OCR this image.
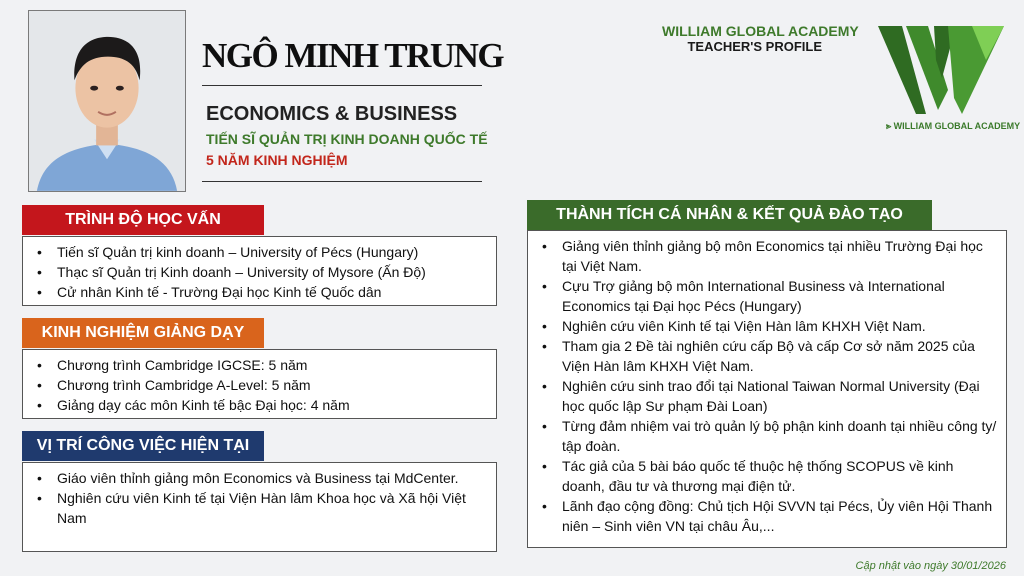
NGÔ MINH TRUNG
ECONOMICS & BUSINESS
TIẾN SĨ QUẢN TRỊ KINH DOANH QUỐC TẾ
5 NĂM KINH NGHIỆM
WILLIAM GLOBAL ACADEMY
TEACHER'S PROFILE
⪢ WILLIAM GLOBAL ACADEMY
TRÌNH ĐỘ HỌC VẤN
• Tiến sĩ Quản trị kinh doanh – University of Pécs (Hungary)
• Thạc sĩ Quản trị Kinh doanh – University of Mysore (Ấn Độ)
• Cử nhân Kinh tế - Trường Đại học Kinh tế Quốc dân
KINH NGHIỆM GIẢNG DẠY
• Chương trình Cambridge IGCSE: 5 năm
• Chương trình Cambridge A-Level: 5 năm
• Giảng dạy các môn Kinh tế bậc Đại học: 4 năm
VỊ TRÍ CÔNG VIỆC HIỆN TẠI
• Giáo viên thỉnh giảng môn Economics và Business tại MdCenter.
• Nghiên cứu viên Kinh tế tại Viện Hàn lâm Khoa học và Xã hội Việt Nam
THÀNH TÍCH CÁ NHÂN & KẾT QUẢ ĐÀO TẠO
• Giảng viên thỉnh giảng bộ môn Economics tại nhiều Trường Đại học tại Việt Nam.
• Cựu Trợ giảng bộ môn International Business và International Economics tại Đại học Pécs (Hungary)
• Nghiên cứu viên Kinh tế tại Viện Hàn lâm KHXH Việt Nam.
• Tham gia 2 Đề tài nghiên cứu cấp Bộ và cấp Cơ sở năm 2025 của Viện Hàn lâm KHXH Việt Nam.
• Nghiên cứu sinh trao đổi tại National Taiwan Normal University (Đại học quốc lập Sư phạm Đài Loan)
• Từng đảm nhiệm vai trò quản lý bộ phận kinh doanh tại nhiều công ty/ tập đoàn.
• Tác giả của 5 bài báo quốc tế thuộc hệ thống SCOPUS về kinh doanh, đầu tư và thương mại điện tử.
• Lãnh đạo cộng đồng: Chủ tịch Hội SVVN tại Pécs, Ủy viên Hội Thanh niên – Sinh viên VN tại châu Âu,...
Cập nhật vào ngày 30/01/2026
